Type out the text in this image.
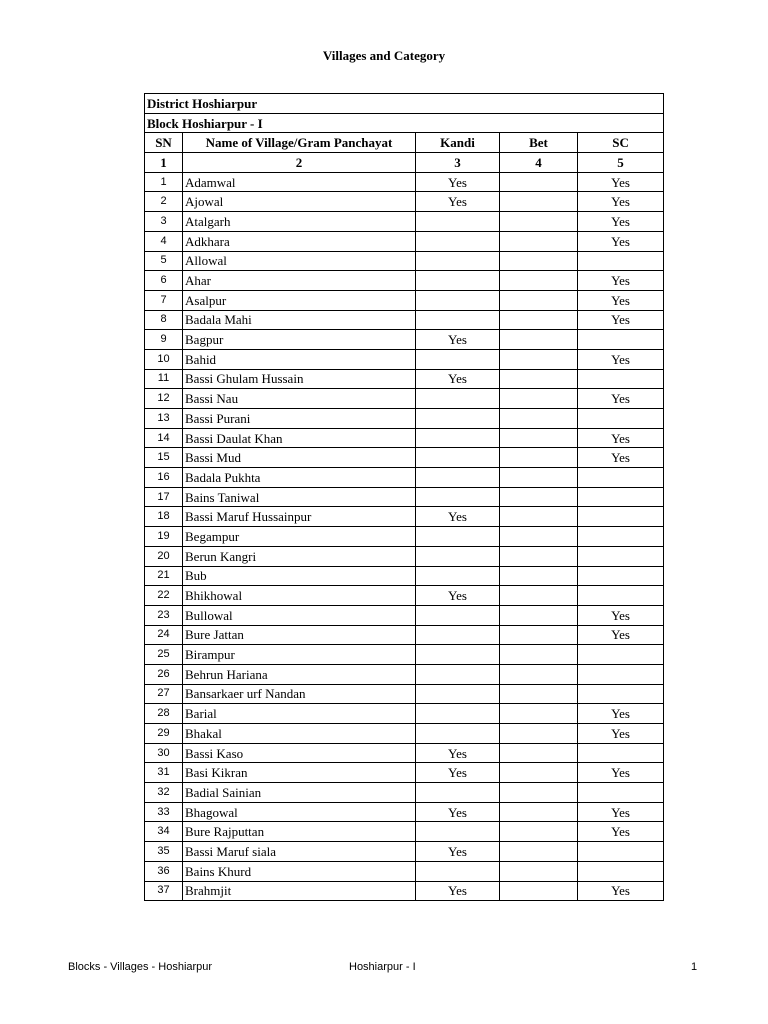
Villages and Category
District Hoshiarpur				
Block Hoshiarpur - I				
SN	Name of Village/Gram Panchayat	Kandi	Bet	SC
1	2	3	4	5
1	Adamwal	Yes		Yes
2	Ajowal	Yes		Yes
3	Atalgarh			Yes
4	Adkhara			Yes
5	Allowal			
6	Ahar			Yes
7	Asalpur			Yes
8	Badala Mahi			Yes
9	Bagpur	Yes		
10	Bahid			Yes
11	Bassi Ghulam Hussain	Yes		
12	Bassi Nau			Yes
13	Bassi Purani			
14	Bassi Daulat Khan			Yes
15	Bassi Mud			Yes
16	Badala Pukhta			
17	Bains Taniwal			
18	Bassi Maruf Hussainpur	Yes		
19	Begampur			
20	Berun Kangri			
21	Bub			
22	Bhikhowal	Yes		
23	Bullowal			Yes
24	Bure Jattan			Yes
25	Birampur			
26	Behrun Hariana			
27	Bansarkaer urf Nandan			
28	Barial			Yes
29	Bhakal			Yes
30	Bassi Kaso	Yes		
31	Basi Kikran	Yes		Yes
32	Badial Sainian			
33	Bhagowal	Yes		Yes
34	Bure Rajputtan			Yes
35	Bassi Maruf siala	Yes		
36	Bains Khurd			
37	Brahmjit	Yes		Yes
Blocks - Villages - Hoshiarpur	Hoshiarpur - I	1
